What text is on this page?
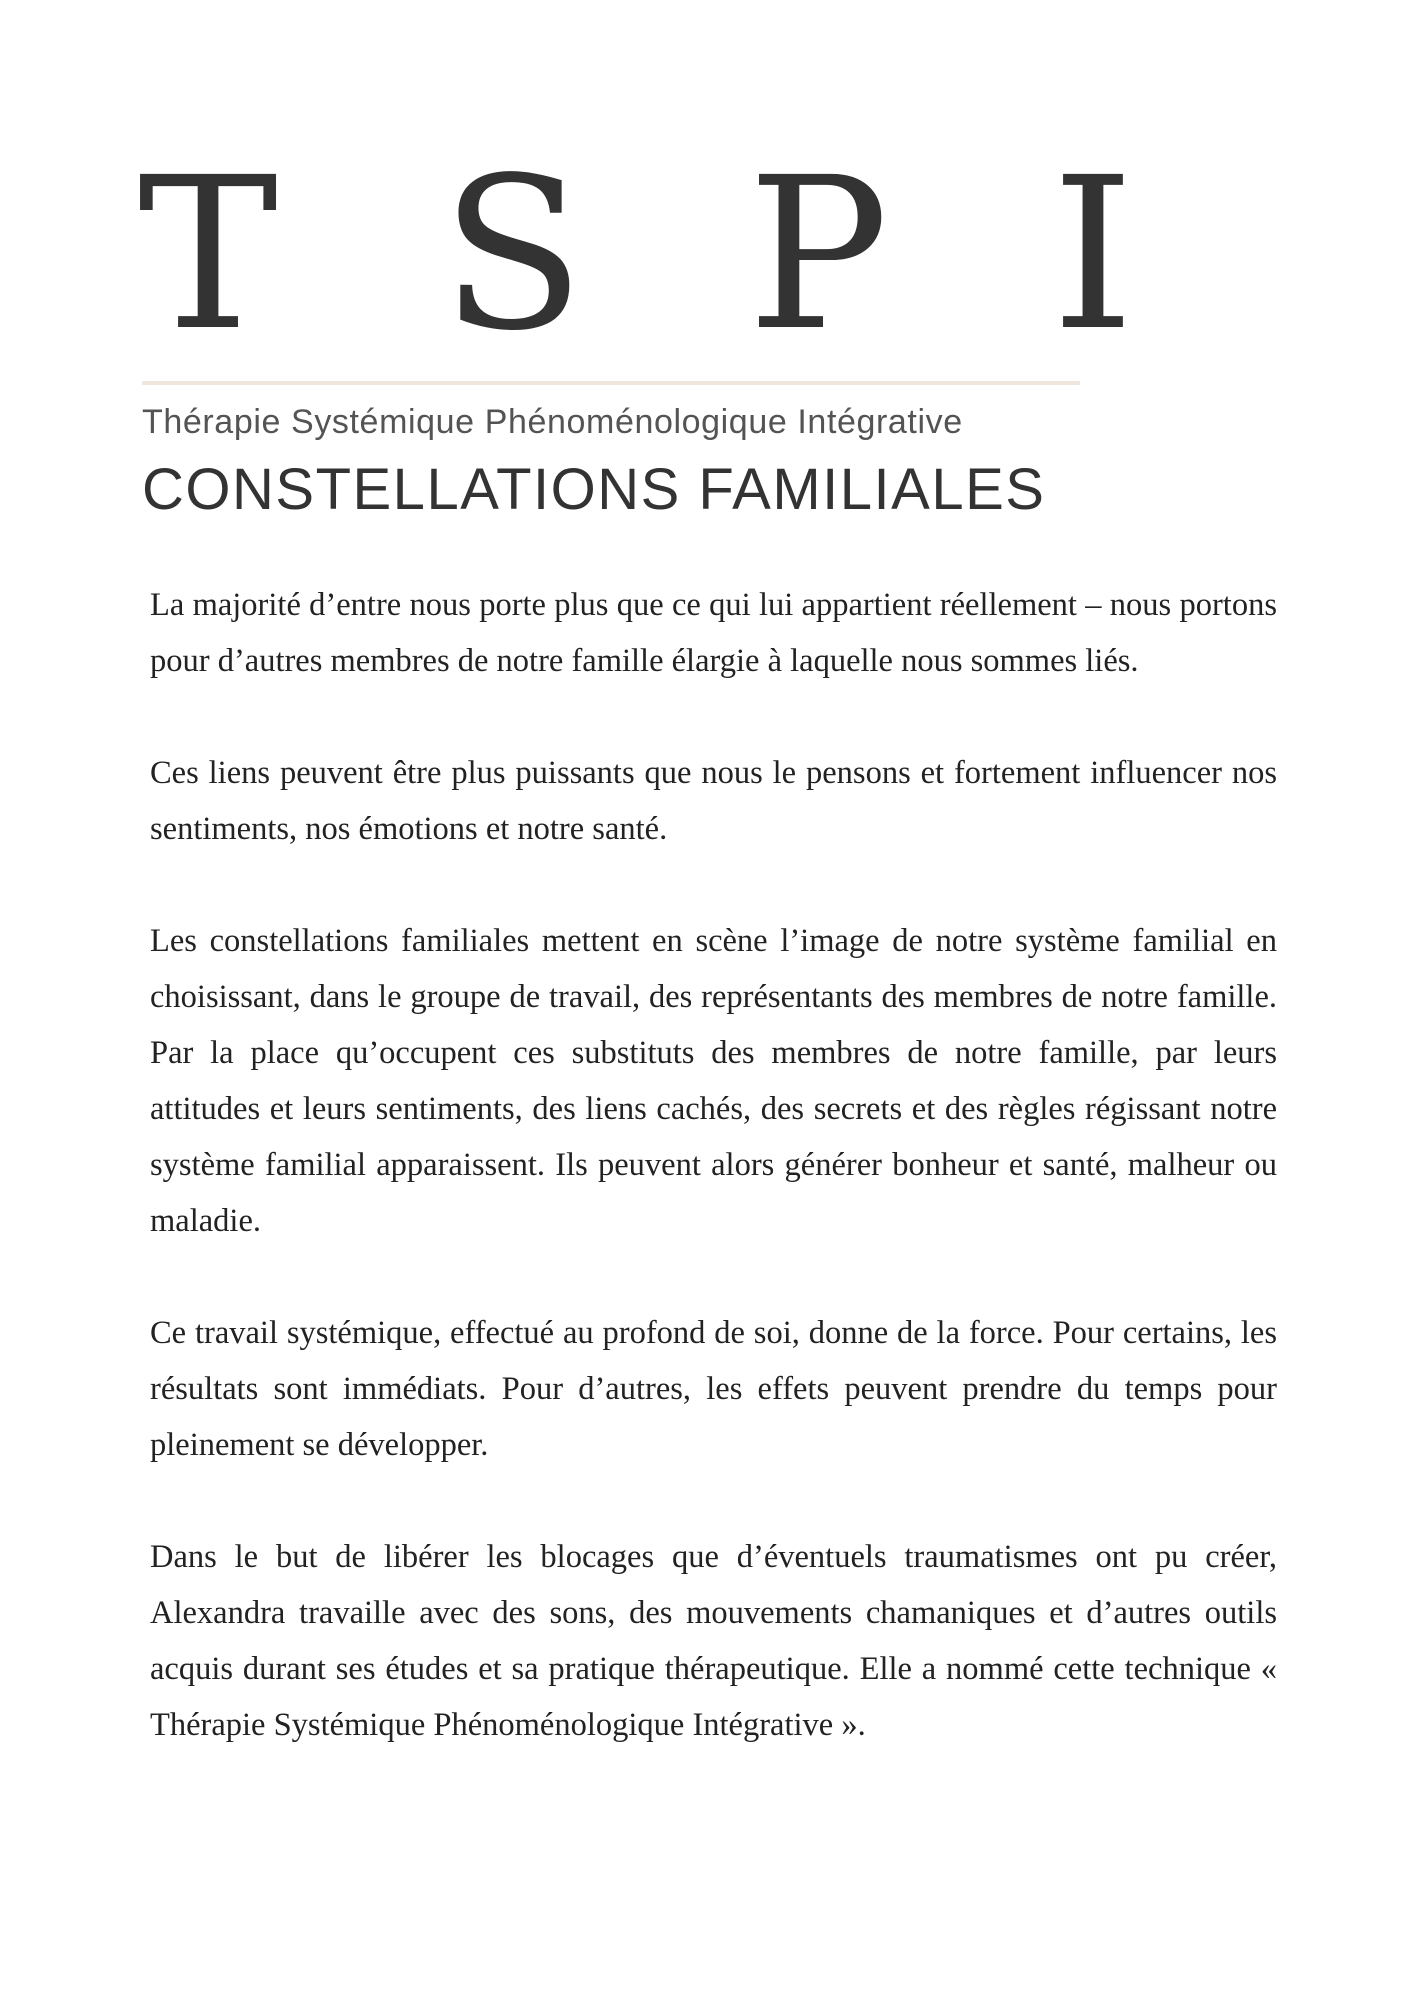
T S P I
Thérapie Systémique Phénoménologique Intégrative
CONSTELLATIONS FAMILIALES

La majorité d’entre nous porte plus que ce qui lui appartient réellement – nous portons pour d’autres membres de notre famille élargie à laquelle nous sommes liés.

Ces liens peuvent être plus puissants que nous le pensons et fortement influencer nos sentiments, nos émotions et notre santé.

Les constellations familiales mettent en scène l’image de notre système familial en choisissant, dans le groupe de travail, des représentants des membres de notre famille. Par la place qu’occupent ces substituts des membres de notre famille, par leurs attitudes et leurs sentiments, des liens cachés, des secrets et des règles régissant notre système familial apparaissent. Ils peuvent alors générer bonheur et santé, malheur ou maladie.

Ce travail systémique, effectué au profond de soi, donne de la force. Pour certains, les résultats sont immédiats. Pour d’autres, les effets peuvent prendre du temps pour pleinement se développer.

Dans le but de libérer les blocages que d’éventuels traumatismes ont pu créer, Alexandra travaille avec des sons, des mouvements chamaniques et d’autres outils acquis durant ses études et sa pratique thérapeutique. Elle a nommé cette technique « Thérapie Systémique Phénoménologique Intégrative ».
